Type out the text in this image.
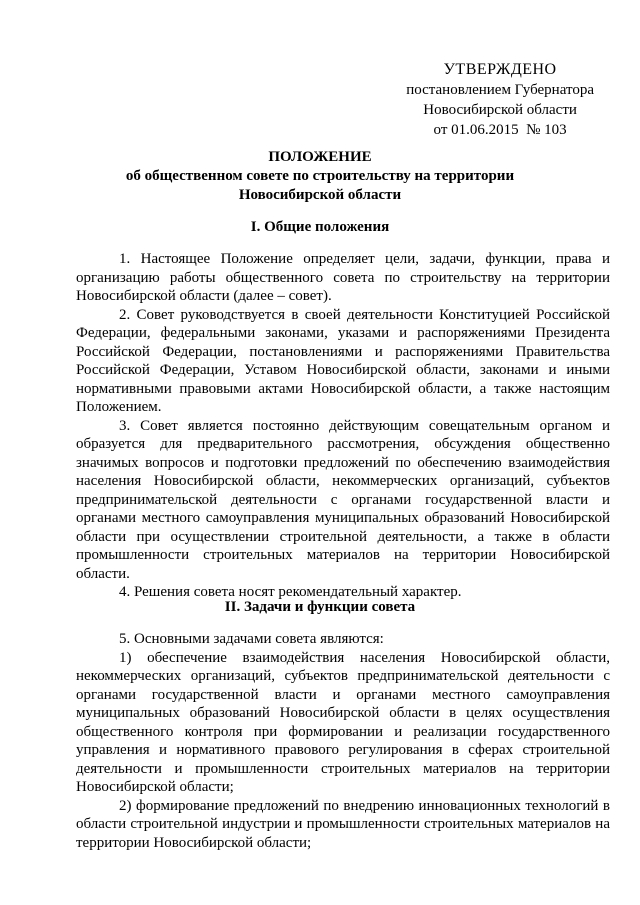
УТВЕРЖДЕНО
постановлением Губернатора
Новосибирской области
от 01.06.2015  № 103
ПОЛОЖЕНИЕ
об общественном совете по строительству на территории
Новосибирской области
I. Общие положения

1. Настоящее Положение определяет цели, задачи, функции, права и организацию работы общественного совета по строительству на территории Новосибирской области (далее – совет).

2. Совет руководствуется в своей деятельности Конституцией Российской Федерации, федеральными законами, указами и распоряжениями Президента Российской Федерации, постановлениями и распоряжениями Правительства Российской Федерации, Уставом Новосибирской области, законами и иными нормативными правовыми актами Новосибирской области, а также настоящим Положением.

3. Совет является постоянно действующим совещательным органом и образуется для предварительного рассмотрения, обсуждения общественно значимых вопросов и подготовки предложений по обеспечению взаимодействия населения Новосибирской области, некоммерческих организаций, субъектов предпринимательской деятельности с органами государственной власти и органами местного самоуправления муниципальных образований Новосибирской области при осуществлении строительной деятельности, а также в области промышленности строительных материалов на территории Новосибирской области.

4. Решения совета носят рекомендательный характер.

II. Задачи и функции совета

5. Основными задачами совета являются:

1) обеспечение взаимодействия населения Новосибирской области, некоммерческих организаций, субъектов предпринимательской деятельности с органами государственной власти и органами местного самоуправления муниципальных образований Новосибирской области в целях осуществления общественного контроля при формировании и реализации государственного управления и нормативного правового регулирования в сферах строительной деятельности и промышленности строительных материалов на территории Новосибирской области;

2) формирование предложений по внедрению инновационных технологий в области строительной индустрии и промышленности строительных материалов на территории Новосибирской области;
